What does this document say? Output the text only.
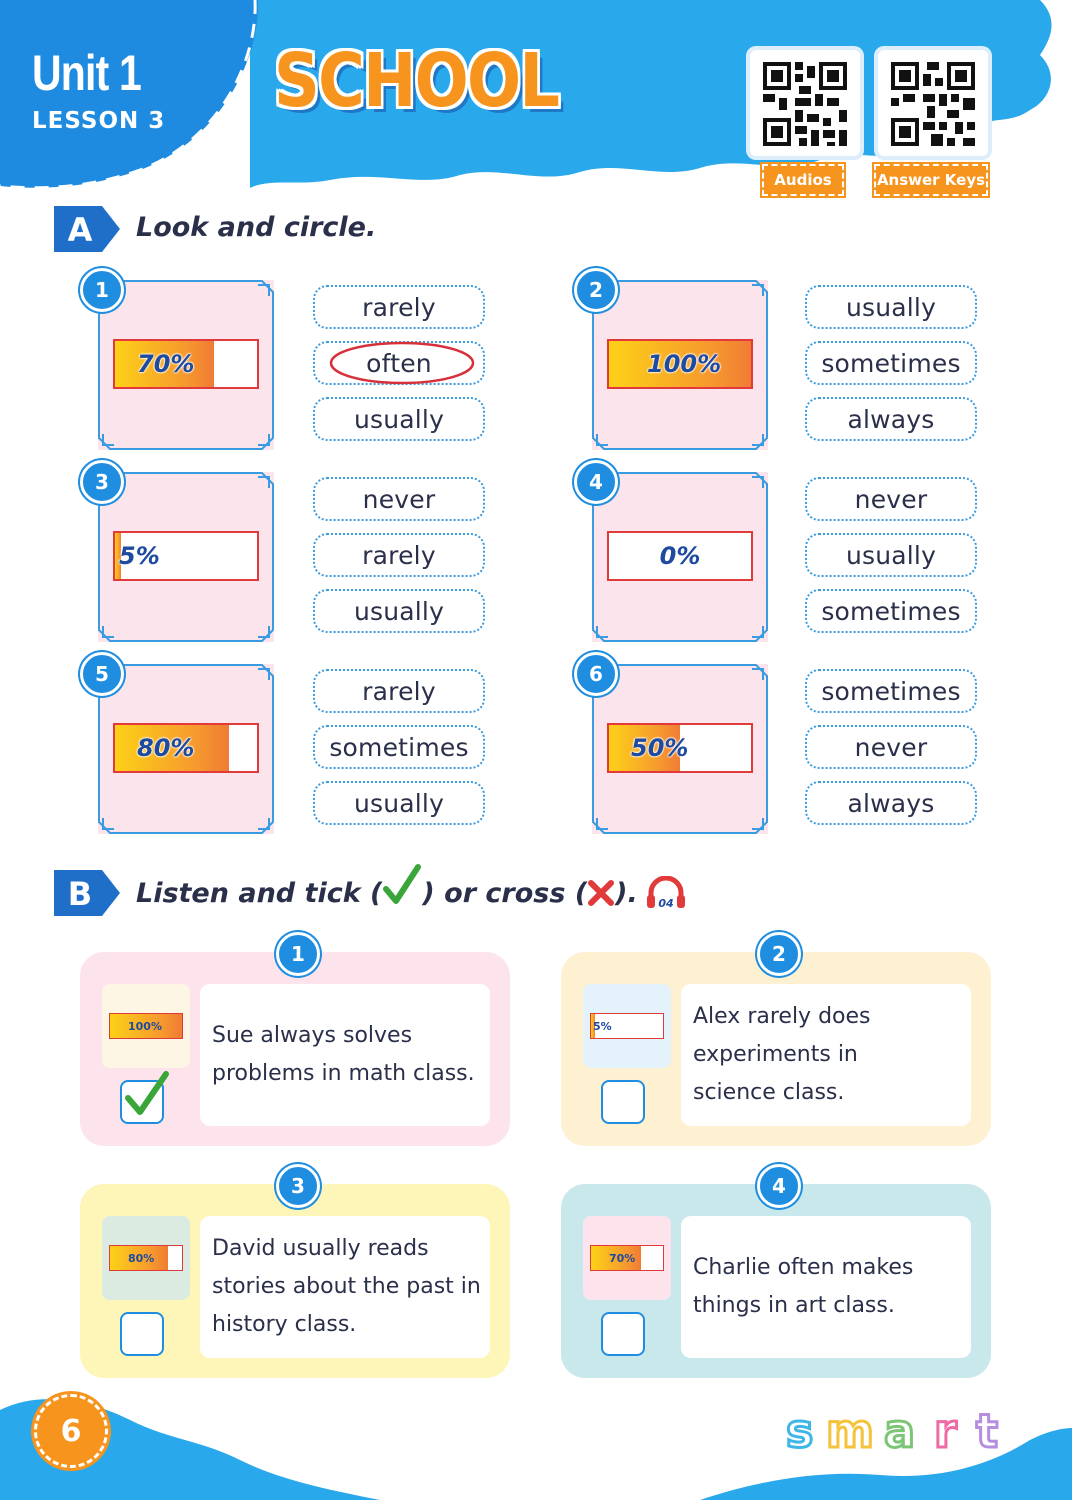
Unit 1
LESSON 3 SCHOOL
Audios	Answer Keys
A Look and circle.
1
70%
rarely
often
usually
2
100%
usually
sometimes
always
3
5%
never
rarely
usually
4
0%
never
usually
sometimes
5
80%
rarely
sometimes
usually
6
50%
sometimes
never
always
B Listen and tick ( ) or cross ( ). 04
1
100% Sue always solves
problems in math class.
2
5%	Alex rarely does
experiments in
science class.
3
80%	David usually reads
stories about the past in
history class.
4
70%	Charlie often makes
things in art class.
6	s m a r t
